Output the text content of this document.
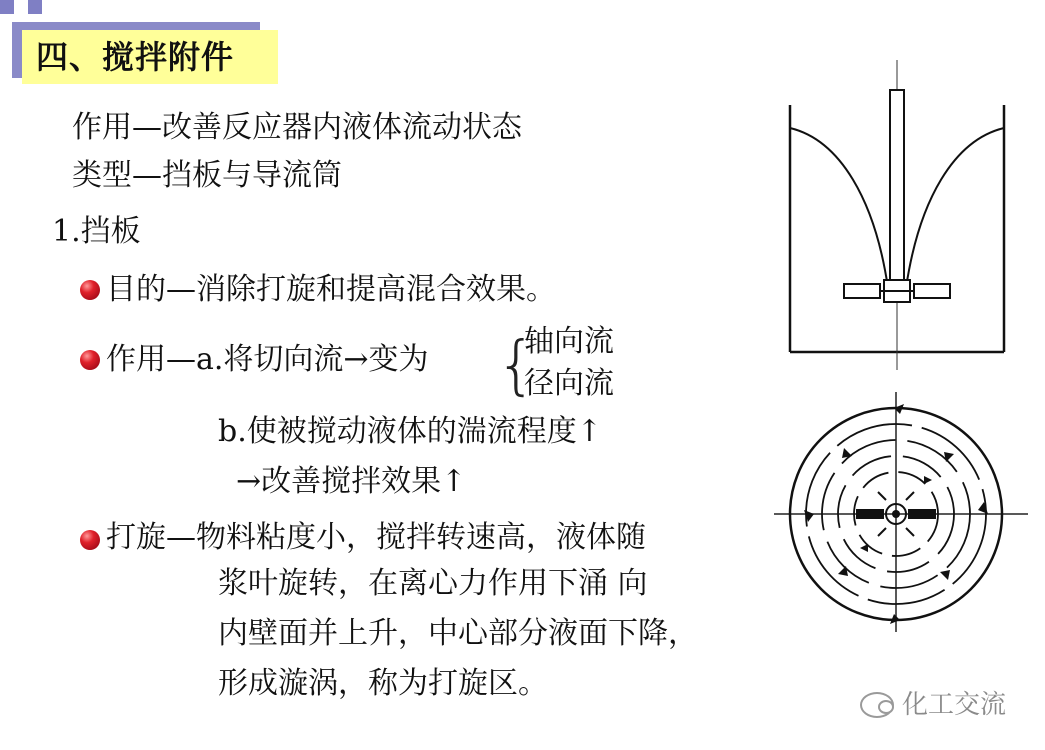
四、搅拌附件
作用—改善反应器内液体流动状态
类型—挡板与导流筒
1.挡板
目的—消除打旋和提高混合效果。
作用—a.将切向流→变为 {
轴向流
径向流
b.使被搅动液体的湍流程度↑
→改善搅拌效果↑
打旋—物料粘度小，搅拌转速高，液体随
浆叶旋转，在离心力作用下涌 向
内壁面并上升，中心部分液面下降，
形成漩涡，称为打旋区。
化工交流
